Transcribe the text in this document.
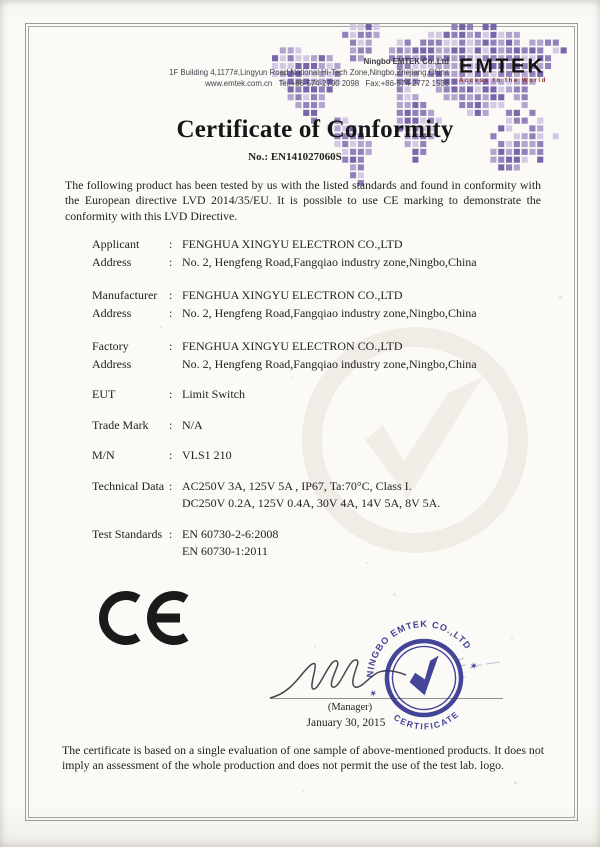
Ningbo EMTEK Co.,Ltd
1F Building 4,1177#,Lingyun Road,National Hi-Tech Zone,Ningbo,Zhejiang,China
www.emtek.com.cn   Tel:+86-574-2790 2098   Fax:+86-574-2772 1538
EMTEK
Access to the World
Certificate of Conformity
No.: EN141027060S

The following product has been tested by us with the listed standards and found in conformity with the European directive LVD 2014/35/EU. It is possible to use CE marking to demonstrate the conformity with this LVD Directive.

Applicant	: FENGHUA XINGYU ELECTRON CO.,LTD
Address	: No. 2, Hengfeng Road,Fangqiao industry zone,Ningbo,China
Manufacturer : FENGHUA XINGYU ELECTRON CO.,LTD
Address	: No. 2, Hengfeng Road,Fangqiao industry zone,Ningbo,China
Factory	: FENGHUA XINGYU ELECTRON CO.,LTD
Address	No. 2, Hengfeng Road,Fangqiao industry zone,Ningbo,China
EUT	: Limit Switch
Trade Mark	: N/A
M/N	: VLS1 210
Technical Data : AC250V 3A, 125V 5A , IP67, Ta:70°C, Class I.
DC250V 0.2A, 125V 0.4A, 30V 4A, 14V 5A, 8V 5A.
Test Standards : EN 60730-2-6:2008
EN 60730-1:2011
(Manager)
January 30, 2015
NINGBO EMTEK CO.,LTD
CERTIFICATE
✶
✶

The certificate is based on a single evaluation of one sample of above-mentioned products. It does not imply an assessment of the whole production and does not permit the use of the test lab. logo.
